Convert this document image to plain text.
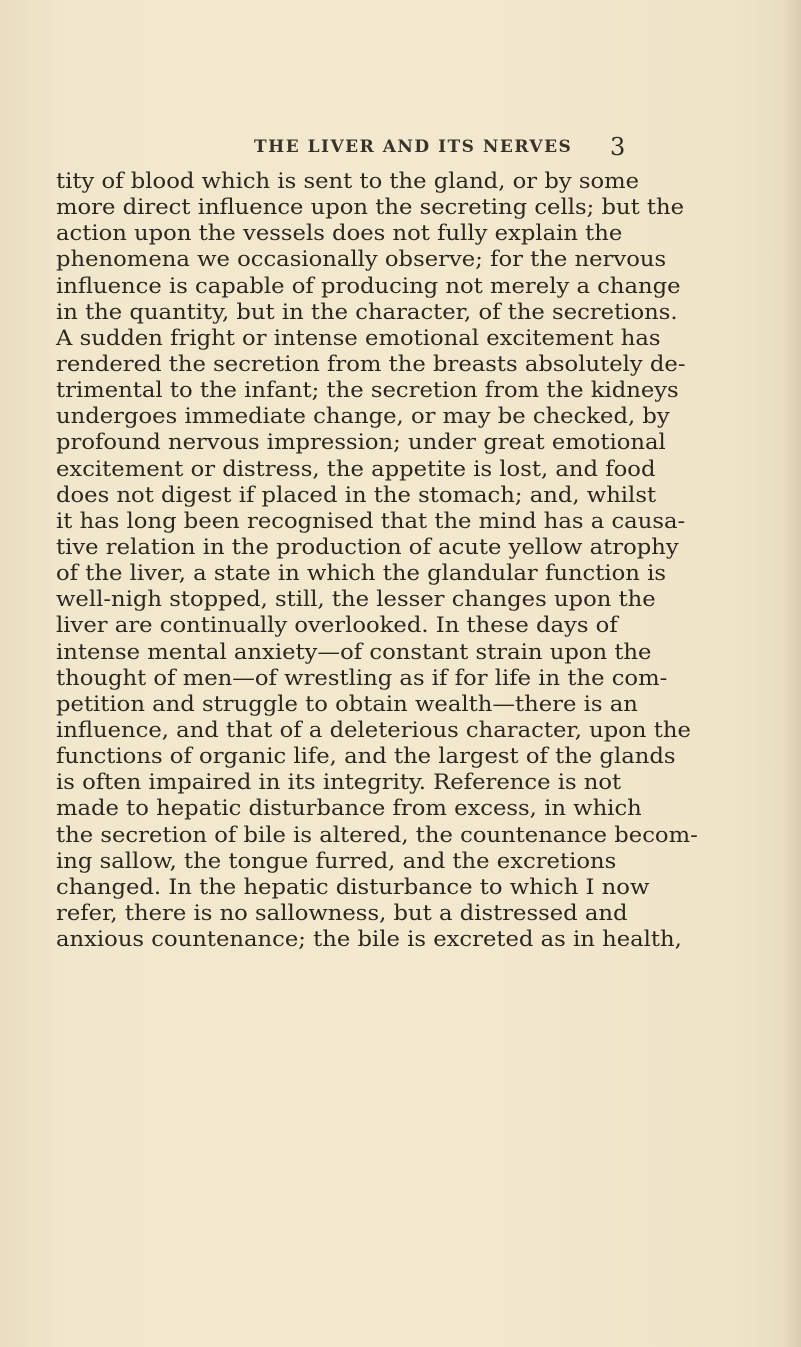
THE LIVER AND ITS NERVES 3
tity of blood which is sent to the gland, or by some
more direct influence upon the secreting cells; but the
action upon the vessels does not fully explain the
phenomena we occasionally observe; for the nervous
influence is capable of producing not merely a change
in the quantity, but in the character, of the secretions.
A sudden fright or intense emotional excitement has
rendered the secretion from the breasts absolutely de-
trimental to the infant; the secretion from the kidneys
undergoes immediate change, or may be checked, by
profound nervous impression; under great emotional
excitement or distress, the appetite is lost, and food
does not digest if placed in the stomach; and, whilst
it has long been recognised that the mind has a causa-
tive relation in the production of acute yellow atrophy
of the liver, a state in which the glandular function is
well-nigh stopped, still, the lesser changes upon the
liver are continually overlooked. In these days of
intense mental anxiety—of constant strain upon the
thought of men—of wrestling as if for life in the com-
petition and struggle to obtain wealth—there is an
influence, and that of a deleterious character, upon the
functions of organic life, and the largest of the glands
is often impaired in its integrity. Reference is not
made to hepatic disturbance from excess, in which
the secretion of bile is altered, the countenance becom-
ing sallow, the tongue furred, and the excretions
changed. In the hepatic disturbance to which I now
refer, there is no sallowness, but a distressed and
anxious countenance; the bile is excreted as in health,
